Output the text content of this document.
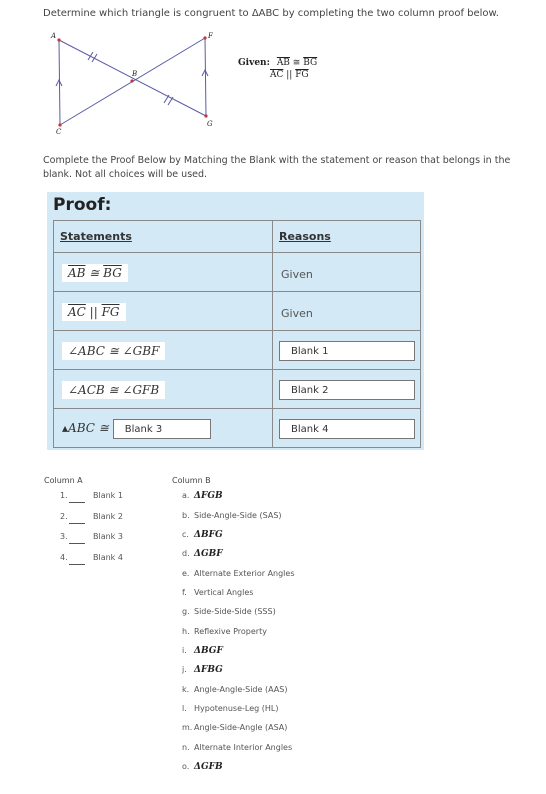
Determine which triangle is congruent to ΔABC by completing the two column proof below.
A	F
B
C
G
Given: $\overline{AB}$ ≅ $\overline{BG}$
$\overline{AC}$ || $\overline{FG}$
Complete the Proof Below by Matching the Blank with the statement or reason that belongs in the blank. Not all choices will be used.
Proof:
Statements	Reasons
$\overline{AB}$ ≅ $\overline{BG}$	Given
$\overline{AC}$ || $\overline{FG}$	Given
∠ABC ≅ ∠GBF	Blank 1
∠ACB ≅ ∠GFB	Blank 2
▴ABC ≅ Blank 3	Blank 4
Column A
1.	Blank 1
2.	Blank 2
3.	Blank 3
4.	Blank 4
Column B
a. ΔFGB
b. Side-Angle-Side (SAS)
c. ΔBFG
d. ΔGBF
e. Alternate Exterior Angles
f. Vertical Angles
g. Side-Side-Side (SSS)
h. Reflexive Property
i. ΔBGF
j. ΔFBG
k. Angle-Angle-Side (AAS)
l. Hypotenuse-Leg (HL)
m. Angle-Side-Angle (ASA)
n. Alternate Interior Angles
o. ΔGFB
